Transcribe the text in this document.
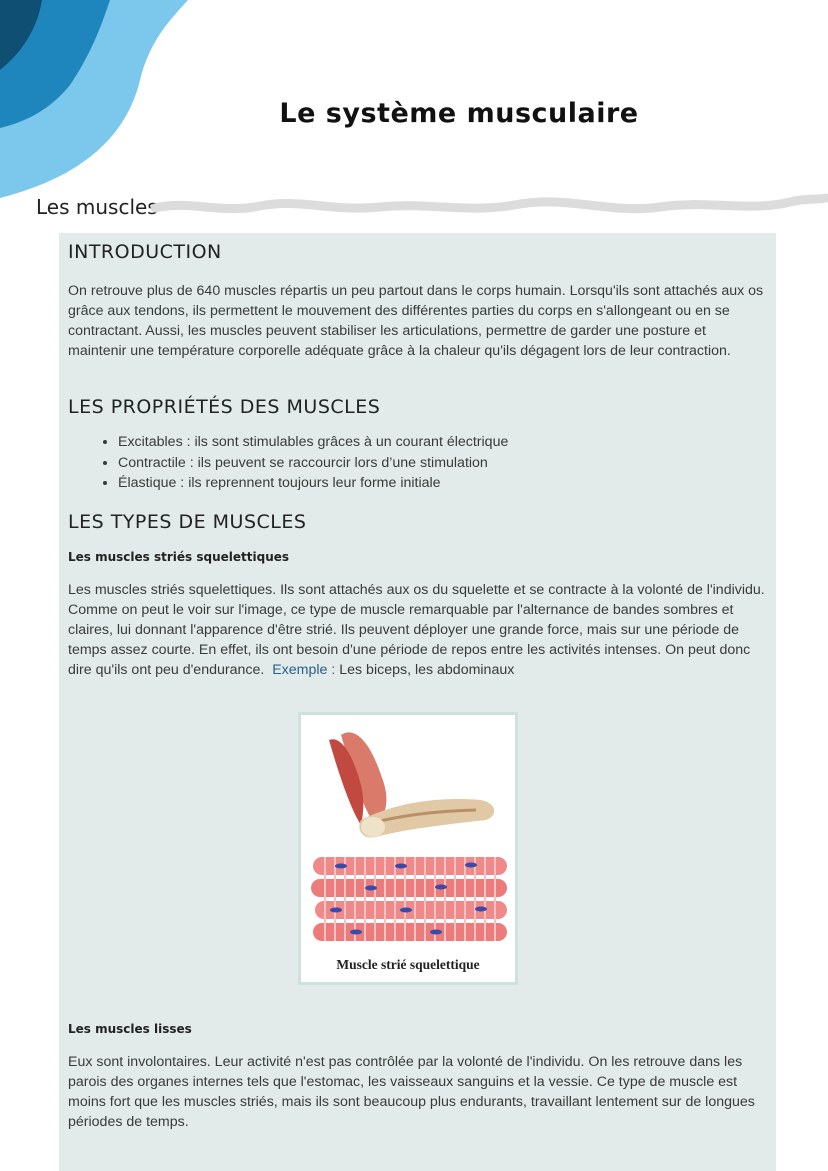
Le système musculaire
Les muscles
INTRODUCTION

On retrouve plus de 640 muscles répartis un peu partout dans le corps humain. Lorsqu'ils sont attachés aux os grâce aux tendons, ils permettent le mouvement des différentes parties du corps en s'allongeant ou en se contractant. Aussi, les muscles peuvent stabiliser les articulations, permettre de garder une posture et maintenir une température corporelle adéquate grâce à la chaleur qu'ils dégagent lors de leur contraction.

LES PROPRIÉTÉS DES MUSCLES
• Excitables : ils sont stimulables grâces à un courant électrique
• Contractile : ils peuvent se raccourcir lors d’une stimulation
• Élastique : ils reprennent toujours leur forme initiale
LES TYPES DE MUSCLES
Les muscles striés squelettiques

Les muscles striés squelettiques. Ils sont attachés aux os du squelette et se contracte à la volonté de l'individu. Comme on peut le voir sur l'image, ce type de muscle remarquable par l'alternance de bandes sombres et claires, lui donnant l'apparence d'être strié. Ils peuvent déployer une grande force, mais sur une période de temps assez courte. En effet, ils ont besoin d'une période de repos entre les activités intenses. On peut donc dire qu'ils ont peu d'endurance. Exemple : Les biceps, les abdominaux

Muscle strié squelettique
Les muscles lisses

Eux sont involontaires. Leur activité n'est pas contrôlée par la volonté de l'individu. On les retrouve dans les parois des organes internes tels que l'estomac, les vaisseaux sanguins et la vessie. Ce type de muscle est moins fort que les muscles striés, mais ils sont beaucoup plus endurants, travaillant lentement sur de longues périodes de temps.
